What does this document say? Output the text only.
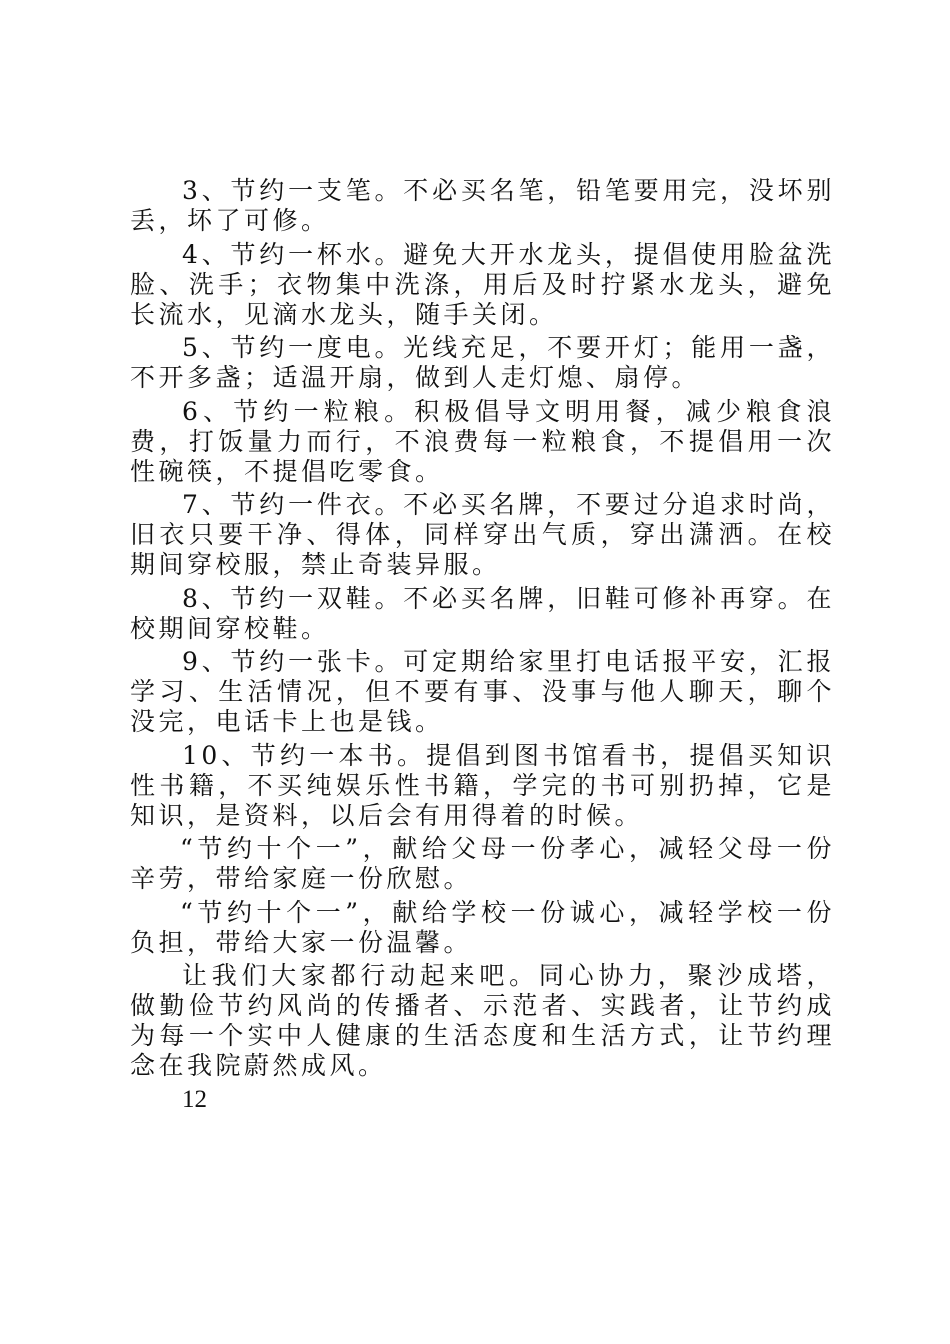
3、节约一支笔。不必买名笔，铅笔要用完，没坏别丢，坏了可修。

4、节约一杯水。避免大开水龙头，提倡使用脸盆洗脸、洗手；衣物集中洗涤，用后及时拧紧水龙头，避免长流水，见滴水龙头，随手关闭。

5、节约一度电。光线充足，不要开灯；能用一盏，不开多盏；适温开扇，做到人走灯熄、扇停。

6、节约一粒粮。积极倡导文明用餐，减少粮食浪费，打饭量力而行，不浪费每一粒粮食，不提倡用一次性碗筷，不提倡吃零食。

7、节约一件衣。不必买名牌，不要过分追求时尚，旧衣只要干净、得体，同样穿出气质，穿出潇洒。在校期间穿校服，禁止奇装异服。

8、节约一双鞋。不必买名牌，旧鞋可修补再穿。在校期间穿校鞋。

9、节约一张卡。可定期给家里打电话报平安，汇报学习、生活情况，但不要有事、没事与他人聊天，聊个没完，电话卡上也是钱。

10、节约一本书。提倡到图书馆看书，提倡买知识性书籍，不买纯娱乐性书籍，学完的书可别扔掉，它是知识，是资料，以后会有用得着的时候。

“节约十个一”，献给父母一份孝心，减轻父母一份辛劳，带给家庭一份欣慰。

“节约十个一”，献给学校一份诚心，减轻学校一份负担，带给大家一份温馨。

让我们大家都行动起来吧。同心协力，聚沙成塔，做勤俭节约风尚的传播者、示范者、实践者，让节约成为每一个实中人健康的生活态度和生活方式，让节约理念在我院蔚然成风。

12
